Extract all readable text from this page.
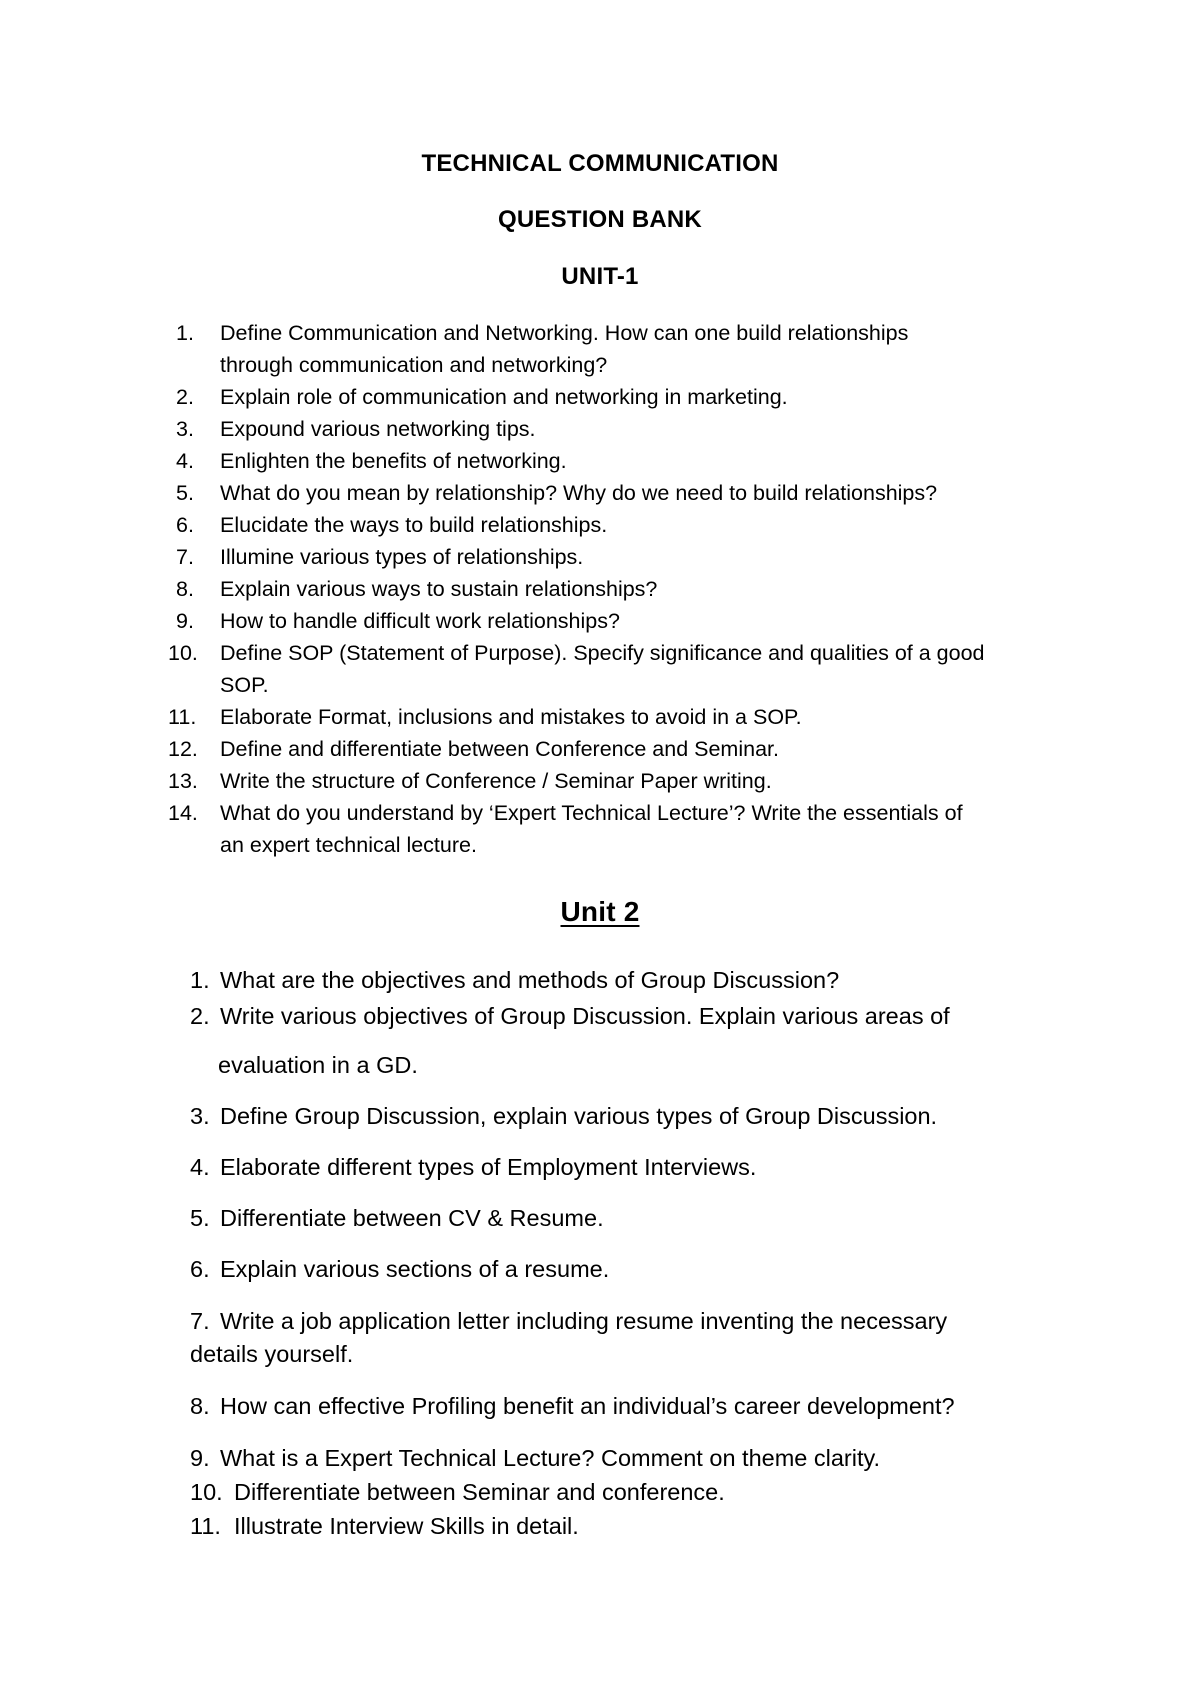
TECHNICAL COMMUNICATION
QUESTION BANK
UNIT-1
1.	Define Communication and Networking. How can one build relationships
through communication and networking?
2.	Explain role of communication and networking in marketing.
3.	Expound various networking tips.
4.	Enlighten the benefits of networking.
5.	What do you mean by relationship? Why do we need to build relationships?
6.	Elucidate the ways to build relationships.
7.	Illumine various types of relationships.
8.	Explain various ways to sustain relationships?
9.	How to handle difficult work relationships?
10.	Define SOP (Statement of Purpose). Specify significance and qualities of a good
SOP.
11.	Elaborate Format, inclusions and mistakes to avoid in a SOP.
12.	Define and differentiate between Conference and Seminar.
13.	Write the structure of Conference / Seminar Paper writing.
14.	What do you understand by ‘Expert Technical Lecture’? Write the essentials of
an expert technical lecture.
Unit 2
1. What are the objectives and methods of Group Discussion?
2. Write various objectives of Group Discussion. Explain various areas of
evaluation in a GD.
3. Define Group Discussion, explain various types of Group Discussion.
4. Elaborate different types of Employment Interviews.
5. Differentiate between CV & Resume.
6. Explain various sections of a resume.
7. Write a job application letter including resume inventing the necessary
details yourself.
8. How can effective Profiling benefit an individual’s career development?
9. What is a Expert Technical Lecture? Comment on theme clarity.
10. Differentiate between Seminar and conference.
11. Illustrate Interview Skills in detail.
